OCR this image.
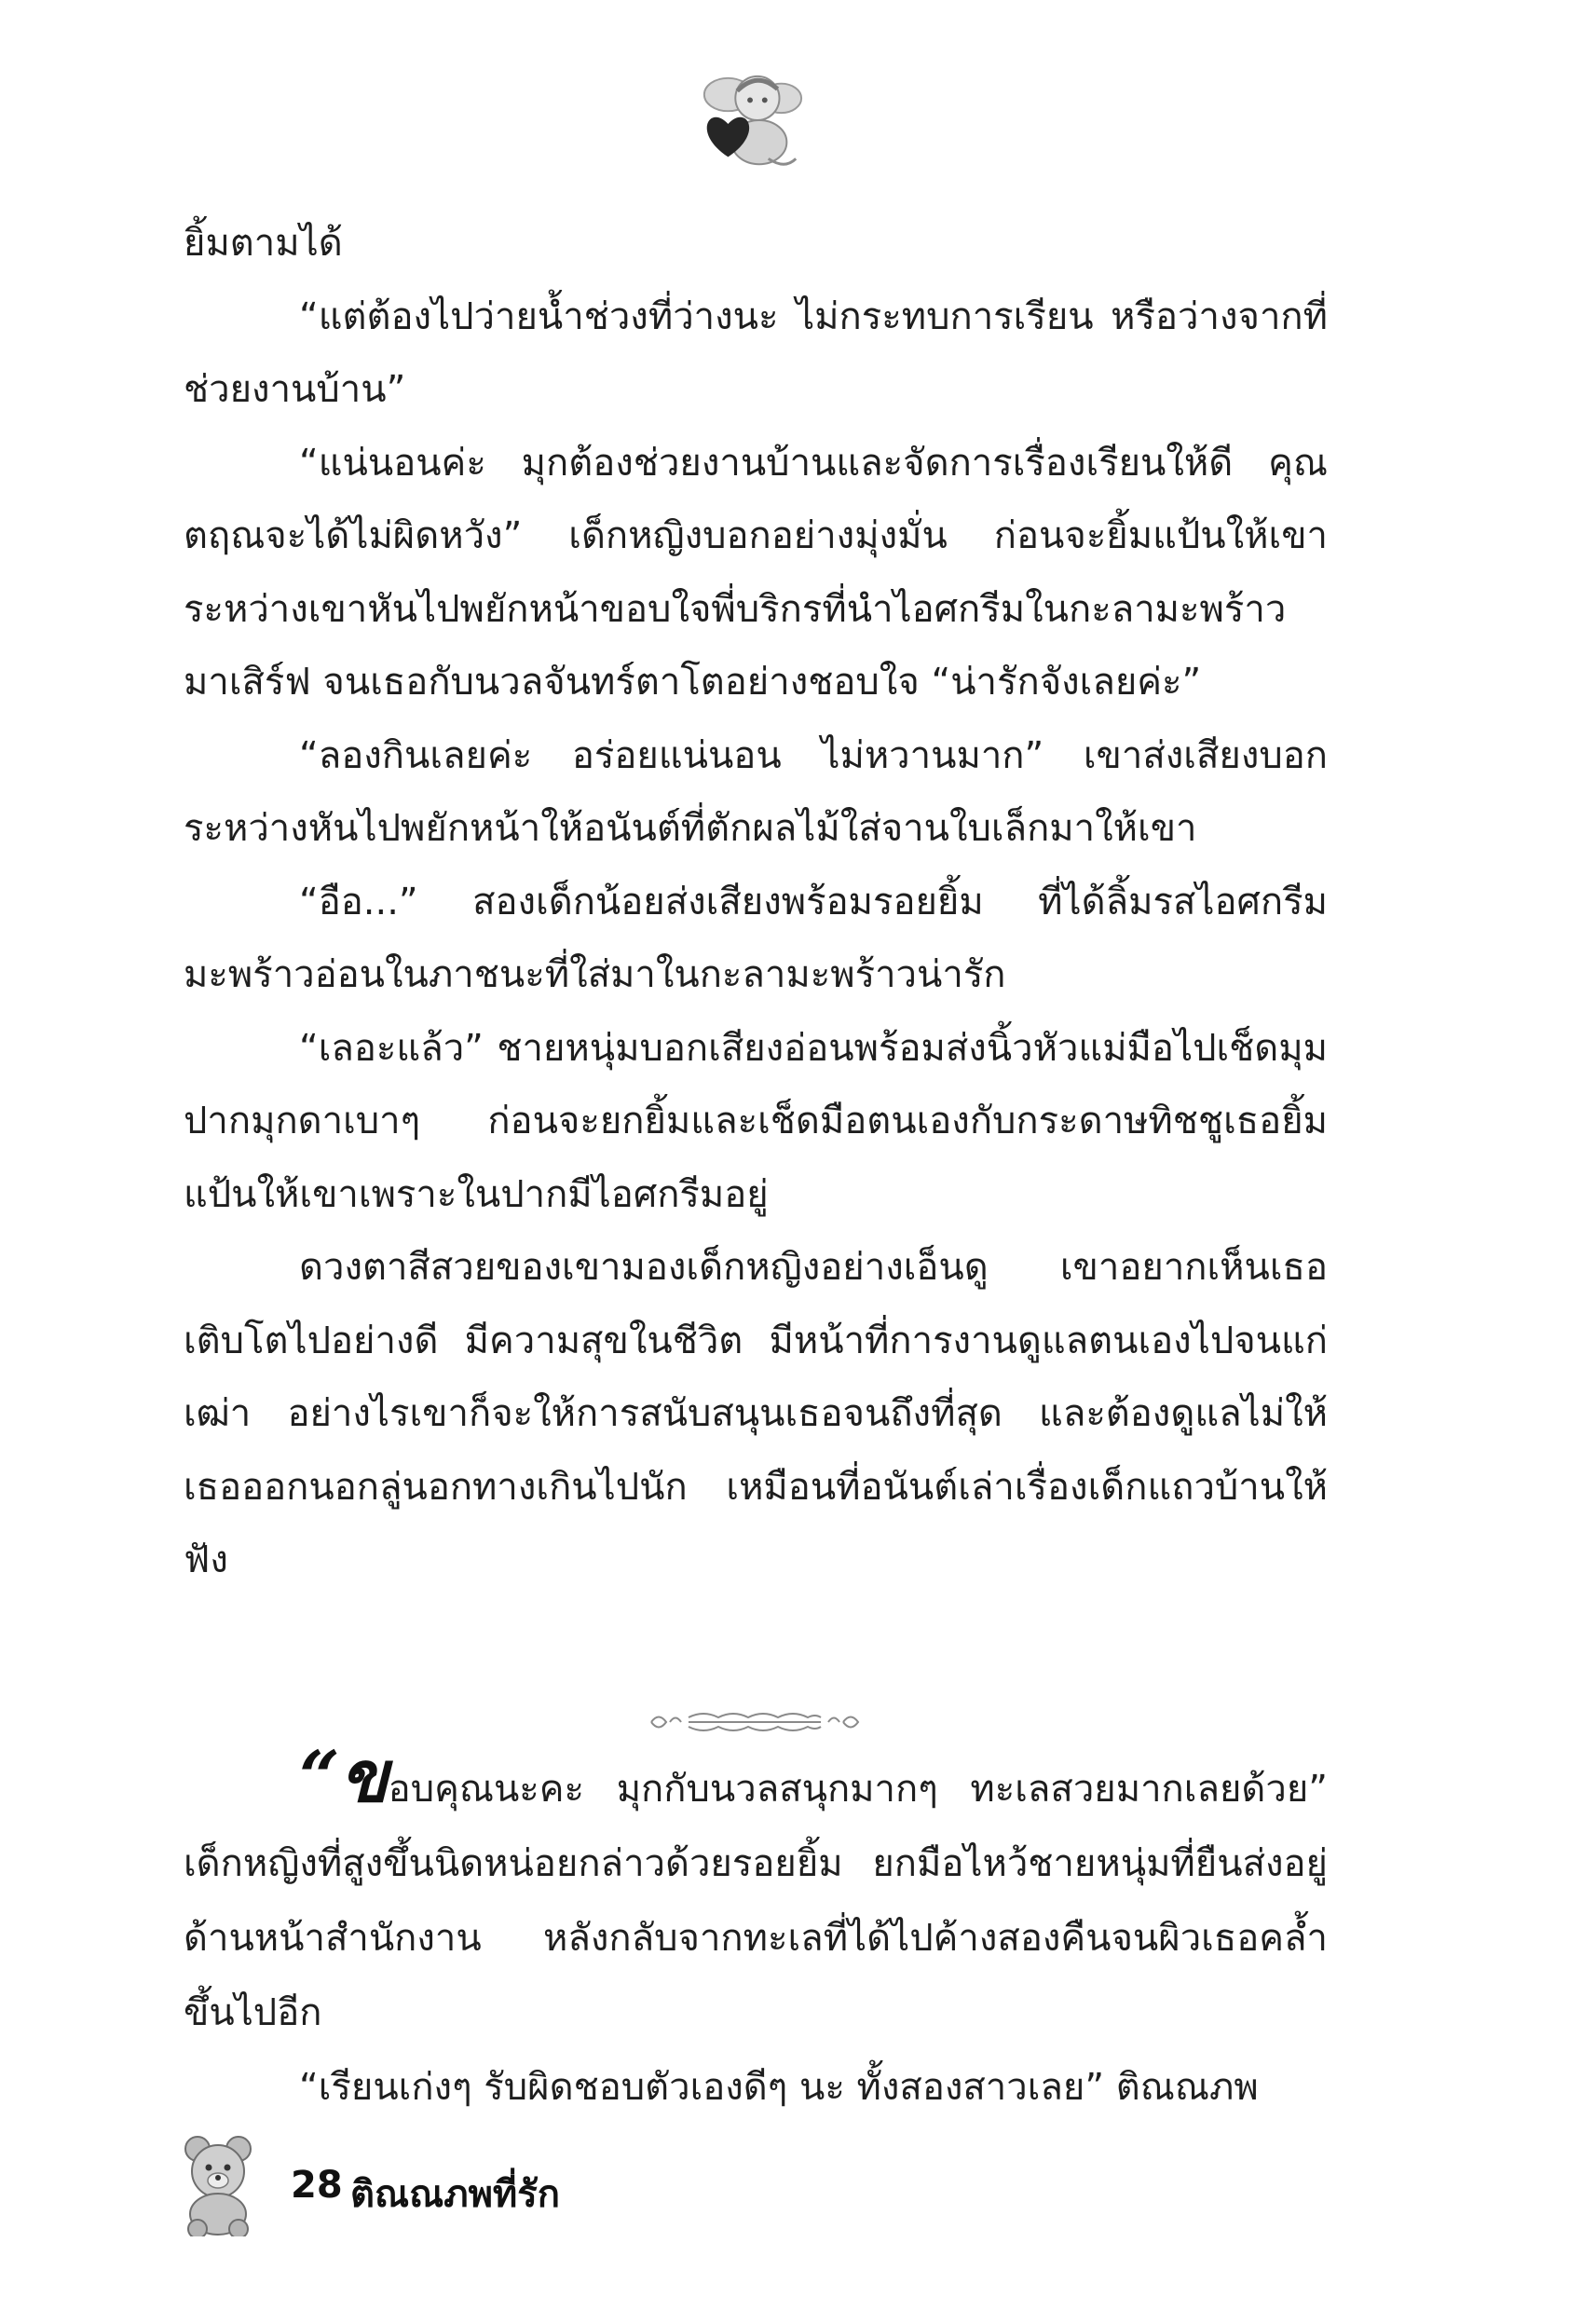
ยิ้มตามได้

“แต่ต้องไปว่ายน้ำช่วงที่ว่างนะ ไม่กระทบการเรียน หรือว่างจากที่ช่วยงานบ้าน”

“แน่นอนค่ะ มุกต้องช่วยงานบ้านและจัดการเรื่องเรียนให้ดี คุณตฤณจะได้ไม่ผิดหวัง” เด็กหญิงบอกอย่างมุ่งมั่น ก่อนจะยิ้มแป้นให้เขา ระหว่างเขาหันไปพยักหน้าขอบใจพี่บริกรที่นำไอศกรีมในกะลามะพร้าวมาเสิร์ฟ จนเธอกับนวลจันทร์ตาโตอย่างชอบใจ “น่ารักจังเลยค่ะ”

“ลองกินเลยค่ะ อร่อยแน่นอน ไม่หวานมาก” เขาส่งเสียงบอกระหว่างหันไปพยักหน้าให้อนันต์ที่ตักผลไม้ใส่จานใบเล็กมาให้เขา

“อือ...” สองเด็กน้อยส่งเสียงพร้อมรอยยิ้ม ที่ได้ลิ้มรสไอศกรีมมะพร้าวอ่อนในภาชนะที่ใส่มาในกะลามะพร้าวน่ารัก

“เลอะแล้ว” ชายหนุ่มบอกเสียงอ่อนพร้อมส่งนิ้วหัวแม่มือไปเช็ดมุมปากมุกดาเบาๆ ก่อนจะยกยิ้มและเช็ดมือตนเองกับกระดาษทิชชูเธอยิ้มแป้นให้เขาเพราะในปากมีไอศกรีมอยู่

ดวงตาสีสวยของเขามองเด็กหญิงอย่างเอ็นดู เขาอยากเห็นเธอเติบโตไปอย่างดี มีความสุขในชีวิต มีหน้าที่การงานดูแลตนเองไปจนแก่เฒ่า อย่างไรเขาก็จะให้การสนับสนุนเธอจนถึงที่สุด และต้องดูแลไม่ให้เธอออกนอกลู่นอกทางเกินไปนัก เหมือนที่อนันต์เล่าเรื่องเด็กแถวบ้านให้ฟัง

“ขอบคุณนะคะ มุกกับนวลสนุกมากๆ ทะเลสวยมากเลยด้วย” เด็กหญิงที่สูงขึ้นนิดหน่อยกล่าวด้วยรอยยิ้ม ยกมือไหว้ชายหนุ่มที่ยืนส่งอยู่ด้านหน้าสำนักงาน หลังกลับจากทะเลที่ได้ไปค้างสองคืนจนผิวเธอคล้ำขึ้นไปอีก

“เรียนเก่งๆ รับผิดชอบตัวเองดีๆ นะ ทั้งสองสาวเลย” ติณณภพ

28 ติณณภพที่รัก
